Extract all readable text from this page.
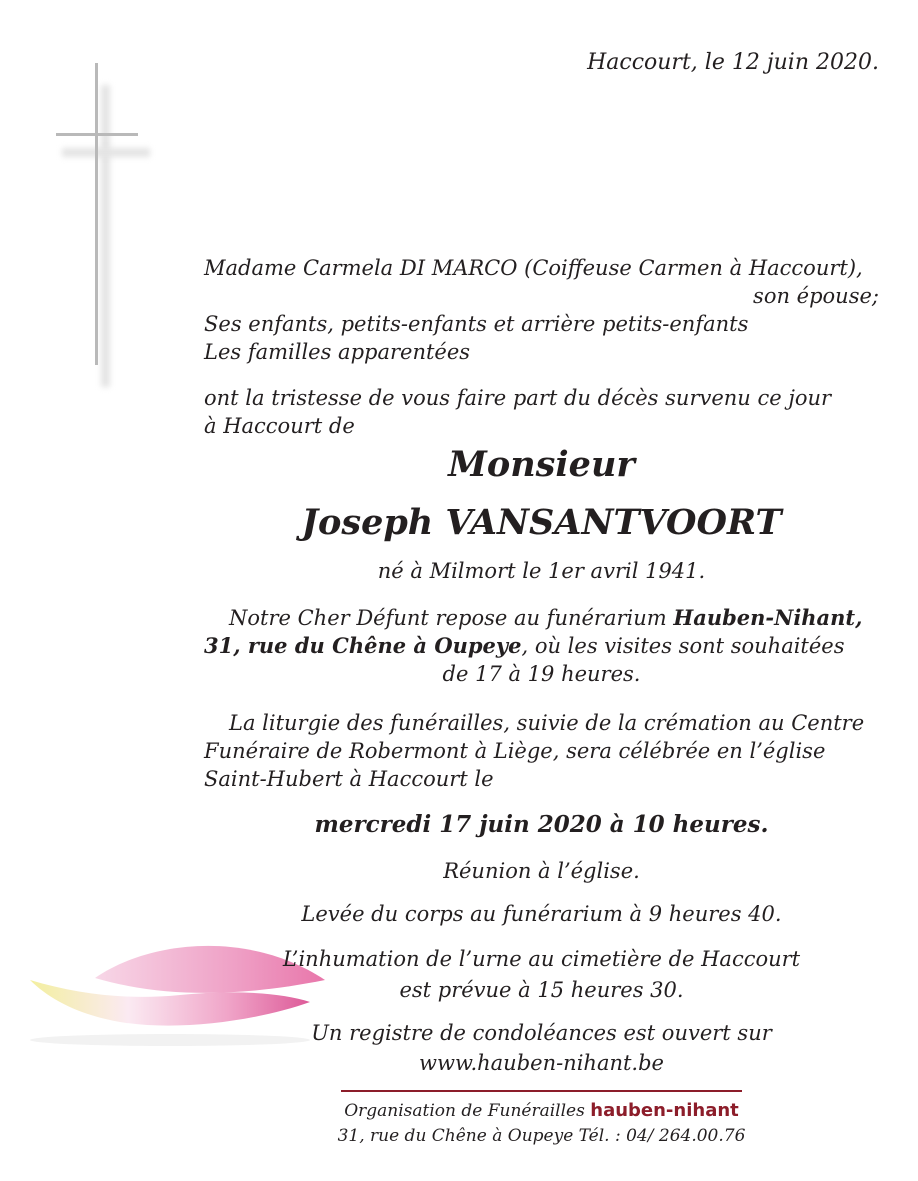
Haccourt, le 12 juin 2020.
Madame Carmela DI MARCO (Coiffeuse Carmen à Haccourt),
son épouse;
Ses enfants, petits-enfants et arrière petits-enfants
Les familles apparentées
ont la tristesse de vous faire part du décès survenu ce jour
à Haccourt de
Monsieur
Joseph VANSANTVOORT
né à Milmort le 1er avril 1941.
Notre Cher Défunt repose au funérarium Hauben-Nihant,
31, rue du Chêne à Oupeye, où les visites sont souhaitées
de 17 à 19 heures.
La liturgie des funérailles, suivie de la crémation au Centre
Funéraire de Robermont à Liège, sera célébrée en l’église
Saint-Hubert à Haccourt le
mercredi 17 juin 2020 à 10 heures.
Réunion à l’église.
Levée du corps au funérarium à 9 heures 40.
L’inhumation de l’urne au cimetière de Haccourt
est prévue à 15 heures 30.
Un registre de condoléances est ouvert sur
www.hauben-nihant.be
Organisation de Funérailles hauben-nihant
31, rue du Chêne à Oupeye Tél. : 04/ 264.00.76
